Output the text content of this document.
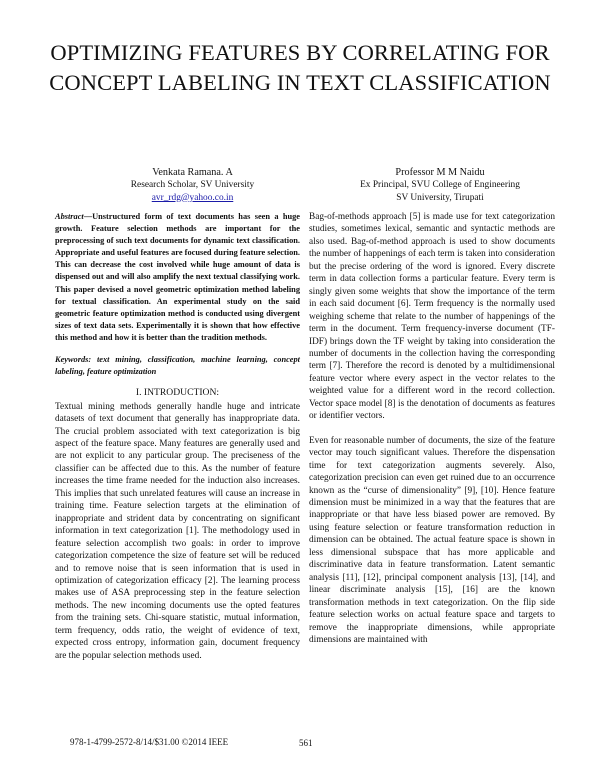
OPTIMIZING FEATURES BY CORRELATING FOR CONCEPT LABELING IN TEXT CLASSIFICATION
Venkata Ramana. A
Research Scholar, SV University
avr_rdg@yahoo.co.in
Professor M M Naidu
Ex Principal, SVU College of Engineering
SV University, Tirupati
Abstract—Unstructured form of text documents has seen a huge growth. Feature selection methods are important for the preprocessing of such text documents for dynamic text classification. Appropriate and useful features are focused during feature selection. This can decrease the cost involved while huge amount of data is dispensed out and will also amplify the next textual classifying work. This paper devised a novel geometric optimization method labeling for textual classification. An experimental study on the said geometric feature optimization method is conducted using divergent sizes of text data sets. Experimentally it is shown that how effective this method and how it is better than the tradition methods.
Keywords: text mining, classification, machine learning, concept labeling, feature optimization
I. INTRODUCTION:

Textual mining methods generally handle huge and intricate datasets of text document that generally has inappropriate data. The crucial problem associated with text categorization is big aspect of the feature space. Many features are generally used and are not explicit to any particular group. The preciseness of the classifier can be affected due to this. As the number of feature increases the time frame needed for the induction also increases. This implies that such unrelated features will cause an increase in training time. Feature selection targets at the elimination of inappropriate and strident data by concentrating on significant information in text categorization [1]. The methodology used in feature selection accomplish two goals: in order to improve categorization competence the size of feature set will be reduced and to remove noise that is seen information that is used in optimization of categorization efficacy [2]. The learning process makes use of ASA preprocessing step in the feature selection methods. The new incoming documents use the opted features from the training sets. Chi-square statistic, mutual information, term frequency, odds ratio, the weight of evidence of text, expected cross entropy, information gain, document frequency are the popular selection methods used.

Bag-of-methods approach [5] is made use for text categorization studies, sometimes lexical, semantic and syntactic methods are also used. Bag-of-method approach is used to show documents the number of happenings of each term is taken into consideration but the precise ordering of the word is ignored. Every discrete term in data collection forms a particular feature. Every term is singly given some weights that show the importance of the term in each said document [6]. Term frequency is the normally used weighing scheme that relate to the number of happenings of the term in the document. Term frequency-inverse document (TF-IDF) brings down the TF weight by taking into consideration the number of documents in the collection having the corresponding term [7]. Therefore the record is denoted by a multidimensional feature vector where every aspect in the vector relates to the weighted value for a different word in the record collection. Vector space model [8] is the denotation of documents as features or identifier vectors.

Even for reasonable number of documents, the size of the feature vector may touch significant values. Therefore the dispensation time for text categorization augments severely. Also, categorization precision can even get ruined due to an occurrence known as the “curse of dimensionality” [9], [10]. Hence feature dimension must be minimized in a way that the features that are inappropriate or that have less biased power are removed. By using feature selection or feature transformation reduction in dimension can be obtained. The actual feature space is shown in less dimensional subspace that has more applicable and discriminative data in feature transformation. Latent semantic analysis [11], [12], principal component analysis [13], [14], and linear discriminate analysis [15], [16] are the known transformation methods in text categorization. On the flip side feature selection works on actual feature space and targets to remove the inappropriate dimensions, while appropriate dimensions are maintained with

978-1-4799-2572-8/14/$31.00 ©2014 IEEE	561
